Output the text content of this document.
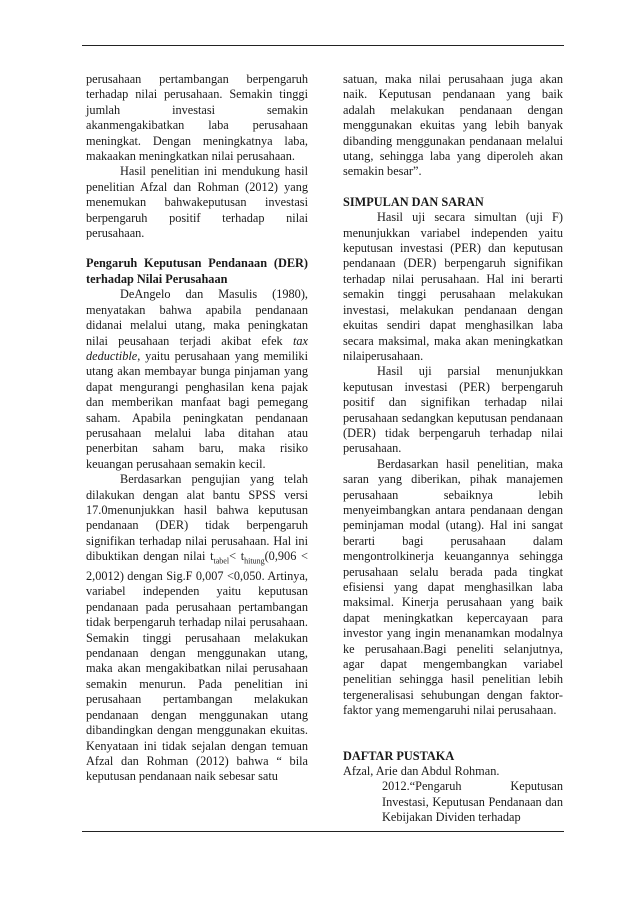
perusahaan pertambangan berpengaruh terhadap nilai perusahaan. Semakin tinggi jumlah investasi semakin akanmengakibatkan laba perusahaan meningkat. Dengan meningkatnya laba, makaakan meningkatkan nilai perusahaan.

Hasil penelitian ini mendukung hasil penelitian Afzal dan Rohman (2012) yang menemukan bahwakeputusan investasi berpengaruh positif terhadap nilai perusahaan.

Pengaruh Keputusan Pendanaan (DER) terhadap Nilai Perusahaan

DeAngelo dan Masulis (1980), menyatakan bahwa apabila pendanaan didanai melalui utang, maka peningkatan nilai peusahaan terjadi akibat efek tax deductible, yaitu perusahaan yang memiliki utang akan membayar bunga pinjaman yang dapat mengurangi penghasilan kena pajak dan memberikan manfaat bagi pemegang saham. Apabila peningkatan pendanaan perusahaan melalui laba ditahan atau penerbitan saham baru, maka risiko keuangan perusahaan semakin kecil.

Berdasarkan pengujian yang telah dilakukan dengan alat bantu SPSS versi 17.0menunjukkan hasil bahwa keputusan pendanaan (DER) tidak berpengaruh signifikan terhadap nilai perusahaan. Hal ini dibuktikan dengan nilai $t_{tabel}< t_{hitung}(0,906 < 2,0012)$ dengan Sig.F 0,007 <0,050. Artinya, variabel independen yaitu keputusan pendanaan pada perusahaan pertambangan tidak berpengaruh terhadap nilai perusahaan. Semakin tinggi perusahaan melakukan pendanaan dengan menggunakan utang, maka akan mengakibatkan nilai perusahaan semakin menurun. Pada penelitian ini perusahaan pertambangan melakukan pendanaan dengan menggunakan utang dibandingkan dengan menggunakan ekuitas. Kenyataan ini tidak sejalan dengan temuan Afzal dan Rohman (2012) bahwa “ bila keputusan pendanaan naik sebesar satu

satuan, maka nilai perusahaan juga akan naik. Keputusan pendanaan yang baik adalah melakukan pendanaan dengan menggunakan ekuitas yang lebih banyak dibanding menggunakan pendanaan melalui utang, sehingga laba yang diperoleh akan semakin besar”.

SIMPULAN DAN SARAN

Hasil uji secara simultan (uji F) menunjukkan variabel independen yaitu keputusan investasi (PER) dan keputusan pendanaan (DER) berpengaruh signifikan terhadap nilai perusahaan. Hal ini berarti semakin tinggi perusahaan melakukan investasi, melakukan pendanaan dengan ekuitas sendiri dapat menghasilkan laba secara maksimal, maka akan meningkatkan nilaiperusahaan.

Hasil uji parsial menunjukkan keputusan investasi (PER) berpengaruh positif dan signifikan terhadap nilai perusahaan sedangkan keputusan pendanaan (DER) tidak berpengaruh terhadap nilai perusahaan.

Berdasarkan hasil penelitian, maka saran yang diberikan, pihak manajemen perusahaan sebaiknya lebih menyeimbangkan antara pendanaan dengan peminjaman modal (utang). Hal ini sangat berarti bagi perusahaan dalam mengontrolkinerja keuangannya sehingga perusahaan selalu berada pada tingkat efisiensi yang dapat menghasilkan laba maksimal. Kinerja perusahaan yang baik dapat meningkatkan kepercayaan para investor yang ingin menanamkan modalnya ke perusahaan.Bagi peneliti selanjutnya, agar dapat mengembangkan variabel penelitian sehingga hasil penelitian lebih tergeneralisasi sehubungan dengan faktor-faktor yang memengaruhi nilai perusahaan.

DAFTAR PUSTAKA

Afzal, Arie dan Abdul Rohman.

2012.“Pengaruh Keputusan Investasi, Keputusan Pendanaan dan Kebijakan Dividen terhadap
